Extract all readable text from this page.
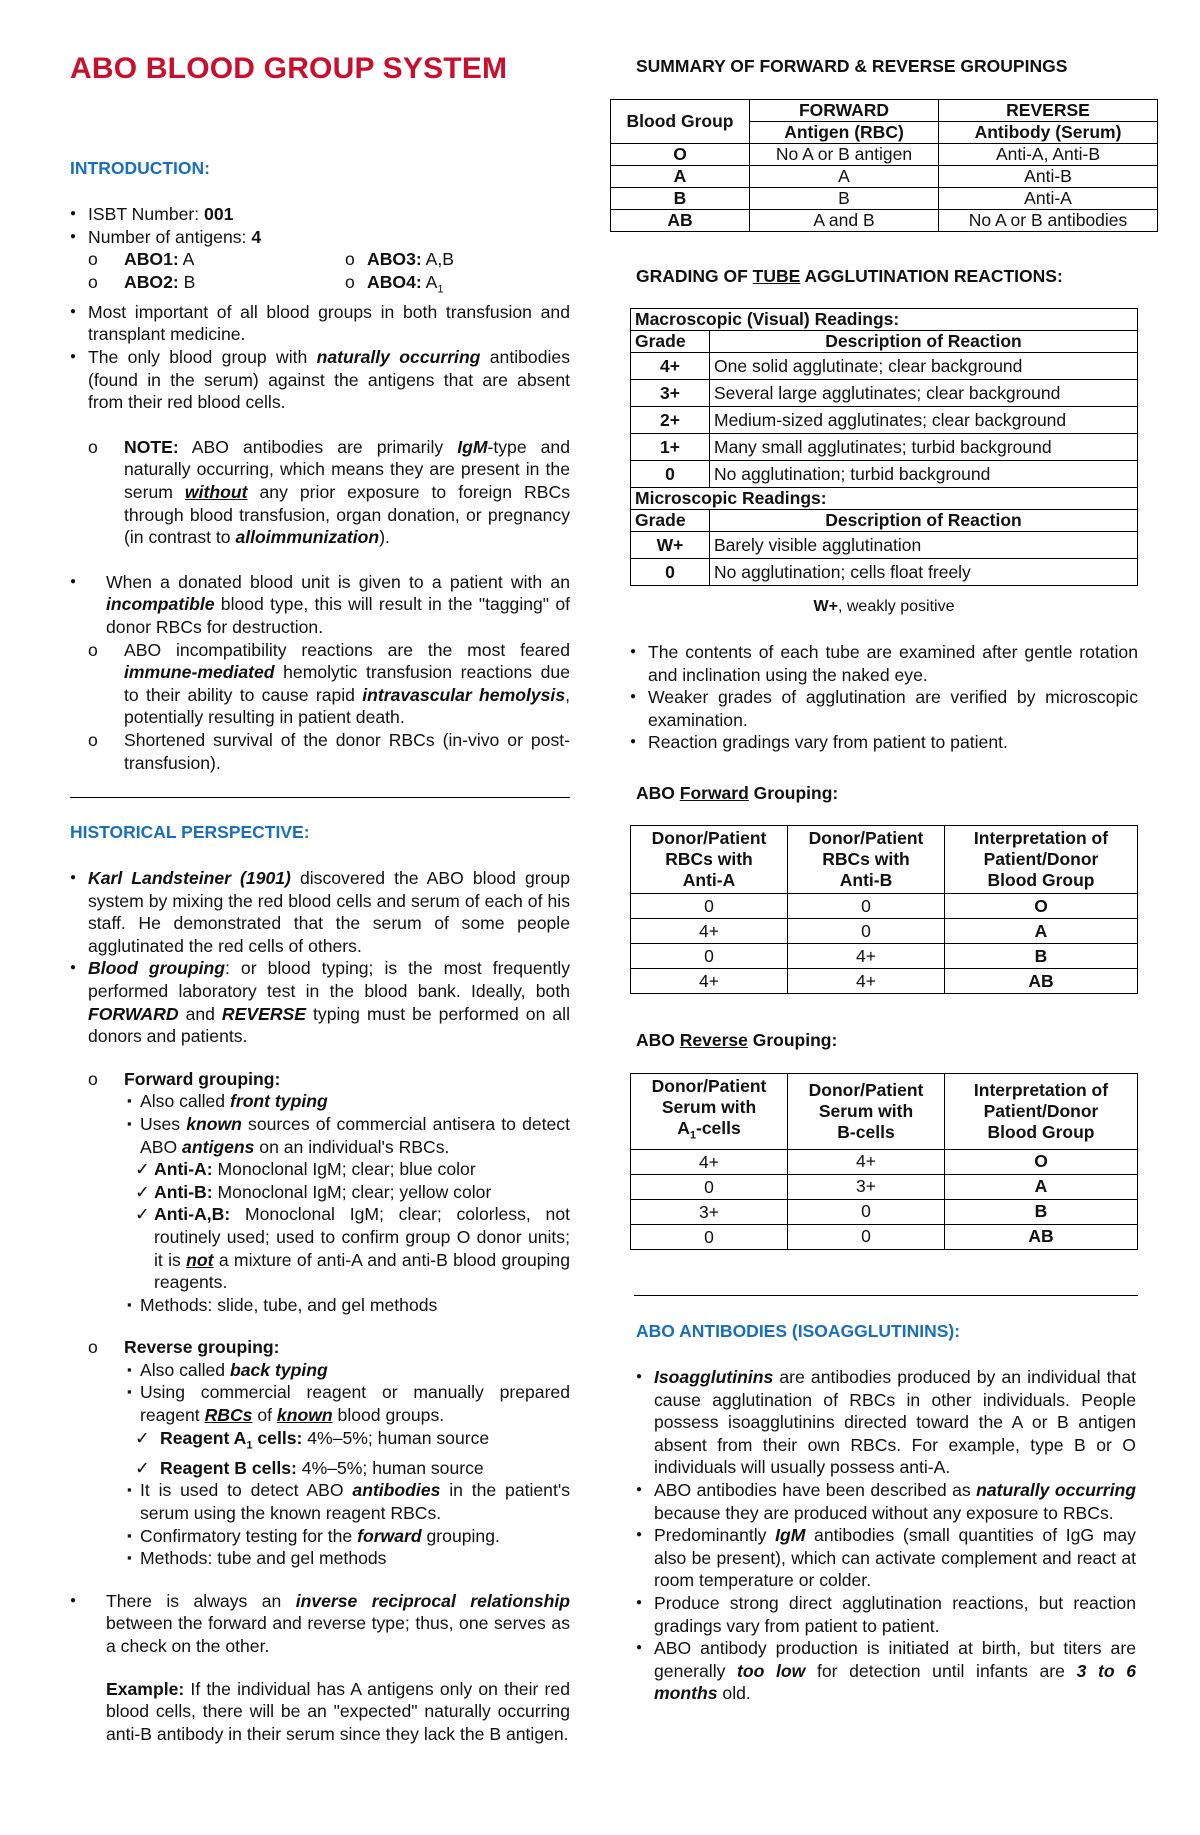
ABO BLOOD GROUP SYSTEM
INTRODUCTION:
● ISBT Number: 001
● Number of antigens: 4
o ABO1: A	o ABO3: A,B
o ABO2: B	o ABO4: $A_1$
● Most important of all blood groups in both transfusion and transplant medicine.
● The only blood group with naturally occurring antibodies (found in the serum) against the antigens that are absent from their red blood cells.
o NOTE: ABO antibodies are primarily IgM-type and naturally occurring, which means they are present in the serum without any prior exposure to foreign RBCs through blood transfusion, organ donation, or pregnancy (in contrast to alloimmunization).
● When a donated blood unit is given to a patient with an incompatible blood type, this will result in the "tagging" of donor RBCs for destruction.
o ABO incompatibility reactions are the most feared immune-mediated hemolytic transfusion reactions due to their ability to cause rapid intravascular hemolysis, potentially resulting in patient death.
o Shortened survival of the donor RBCs (in-vivo or post-transfusion).
HISTORICAL PERSPECTIVE:
● Karl Landsteiner (1901) discovered the ABO blood group system by mixing the red blood cells and serum of each of his staff. He demonstrated that the serum of some people agglutinated the red cells of others.
● Blood grouping: or blood typing; is the most frequently performed laboratory test in the blood bank. Ideally, both FORWARD and REVERSE typing must be performed on all donors and patients.
o Forward grouping:
▪ Also called front typing
▪ Uses known sources of commercial antisera to detect ABO antigens on an individual's RBCs.
✓ Anti-A: Monoclonal IgM; clear; blue color
✓ Anti-B: Monoclonal IgM; clear; yellow color
✓ Anti-A,B: Monoclonal IgM; clear; colorless, not routinely used; used to confirm group O donor units; it is not a mixture of anti-A and anti-B blood grouping reagents.
▪ Methods: slide, tube, and gel methods
o Reverse grouping:
▪ Also called back typing
▪ Using commercial reagent or manually prepared reagent RBCs of known blood groups.
✓ Reagent $A_1$ cells: 4%–5%; human source
✓ Reagent B cells: 4%–5%; human source
▪ It is used to detect ABO antibodies in the patient's serum using the known reagent RBCs.
▪ Confirmatory testing for the forward grouping.
▪ Methods: tube and gel methods
● There is always an inverse reciprocal relationship between the forward and reverse type; thus, one serves as a check on the other.
Example: If the individual has A antigens only on their red blood cells, there will be an "expected" naturally occurring anti-B antibody in their serum since they lack the B antigen.
SUMMARY OF FORWARD & REVERSE GROUPINGS
Blood Group	FORWARD	REVERSE
	Antigen (RBC)	Antibody (Serum)
O	No A or B antigen	Anti-A, Anti-B
A	A	Anti-B
B	B	Anti-A
AB	A and B	No A or B antibodies
GRADING OF TUBE AGGLUTINATION REACTIONS:
Macroscopic (Visual) Readings:	
Grade	Description of Reaction
4+	One solid agglutinate; clear background
3+	Several large agglutinates; clear background
2+	Medium-sized agglutinates; clear background
1+	Many small agglutinates; turbid background
0	No agglutination; turbid background
Microscopic Readings:	
Grade	Description of Reaction
W+	Barely visible agglutination
0	No agglutination; cells float freely
W+, weakly positive
● The contents of each tube are examined after gentle rotation and inclination using the naked eye.
● Weaker grades of agglutination are verified by microscopic examination.
● Reaction gradings vary from patient to patient.
ABO Forward Grouping:
Donor/Patient
RBCs with
Anti-A	Donor/Patient
RBCs with
Anti-B	Interpretation of
Patient/Donor
Blood Group
0	0	O
4+	0	A
0	4+	B
4+	4+	AB
ABO Reverse Grouping:
Donor/Patient
Serum with
$A_1$-cells	Donor/Patient
Serum with
B-cells	Interpretation of
Patient/Donor
Blood Group
4+	4+	O
0	3+	A
3+	0	B
0	0	AB
ABO ANTIBODIES (ISOAGGLUTININS):
● Isoagglutinins are antibodies produced by an individual that cause agglutination of RBCs in other individuals. People possess isoagglutinins directed toward the A or B antigen absent from their own RBCs. For example, type B or O individuals will usually possess anti-A.
● ABO antibodies have been described as naturally occurring because they are produced without any exposure to RBCs.
● Predominantly IgM antibodies (small quantities of IgG may also be present), which can activate complement and react at room temperature or colder.
● Produce strong direct agglutination reactions, but reaction gradings vary from patient to patient.
● ABO antibody production is initiated at birth, but titers are generally too low for detection until infants are 3 to 6 months old.
